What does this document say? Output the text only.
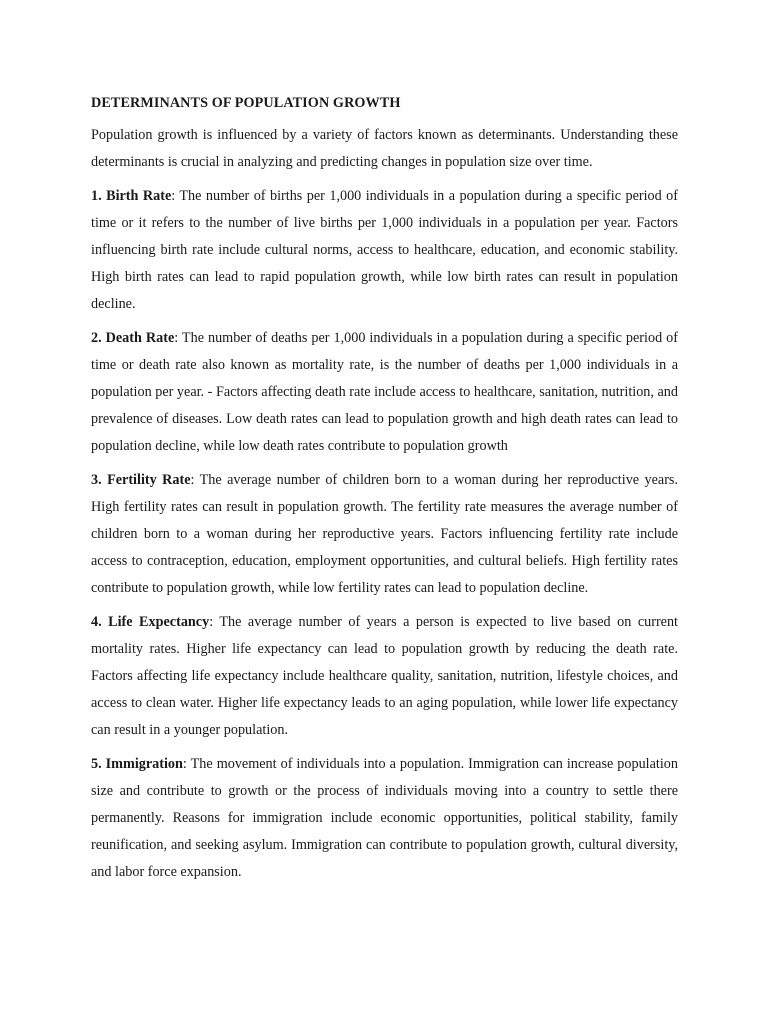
DETERMINANTS OF POPULATION GROWTH

Population growth is influenced by a variety of factors known as determinants. Understanding these determinants is crucial in analyzing and predicting changes in population size over time.

1. Birth Rate: The number of births per 1,000 individuals in a population during a specific period of time or it refers to the number of live births per 1,000 individuals in a population per year. Factors influencing birth rate include cultural norms, access to healthcare, education, and economic stability. High birth rates can lead to rapid population growth, while low birth rates can result in population decline.

2. Death Rate: The number of deaths per 1,000 individuals in a population during a specific period of time or death rate also known as mortality rate, is the number of deaths per 1,000 individuals in a population per year. - Factors affecting death rate include access to healthcare, sanitation, nutrition, and prevalence of diseases. Low death rates can lead to population growth and high death rates can lead to population decline, while low death rates contribute to population growth

3. Fertility Rate: The average number of children born to a woman during her reproductive years. High fertility rates can result in population growth. The fertility rate measures the average number of children born to a woman during her reproductive years. Factors influencing fertility rate include access to contraception, education, employment opportunities, and cultural beliefs. High fertility rates contribute to population growth, while low fertility rates can lead to population decline.

4. Life Expectancy: The average number of years a person is expected to live based on current mortality rates. Higher life expectancy can lead to population growth by reducing the death rate. Factors affecting life expectancy include healthcare quality, sanitation, nutrition, lifestyle choices, and access to clean water. Higher life expectancy leads to an aging population, while lower life expectancy can result in a younger population.

5. Immigration: The movement of individuals into a population. Immigration can increase population size and contribute to growth or the process of individuals moving into a country to settle there permanently. Reasons for immigration include economic opportunities, political stability, family reunification, and seeking asylum. Immigration can contribute to population growth, cultural diversity, and labor force expansion.
